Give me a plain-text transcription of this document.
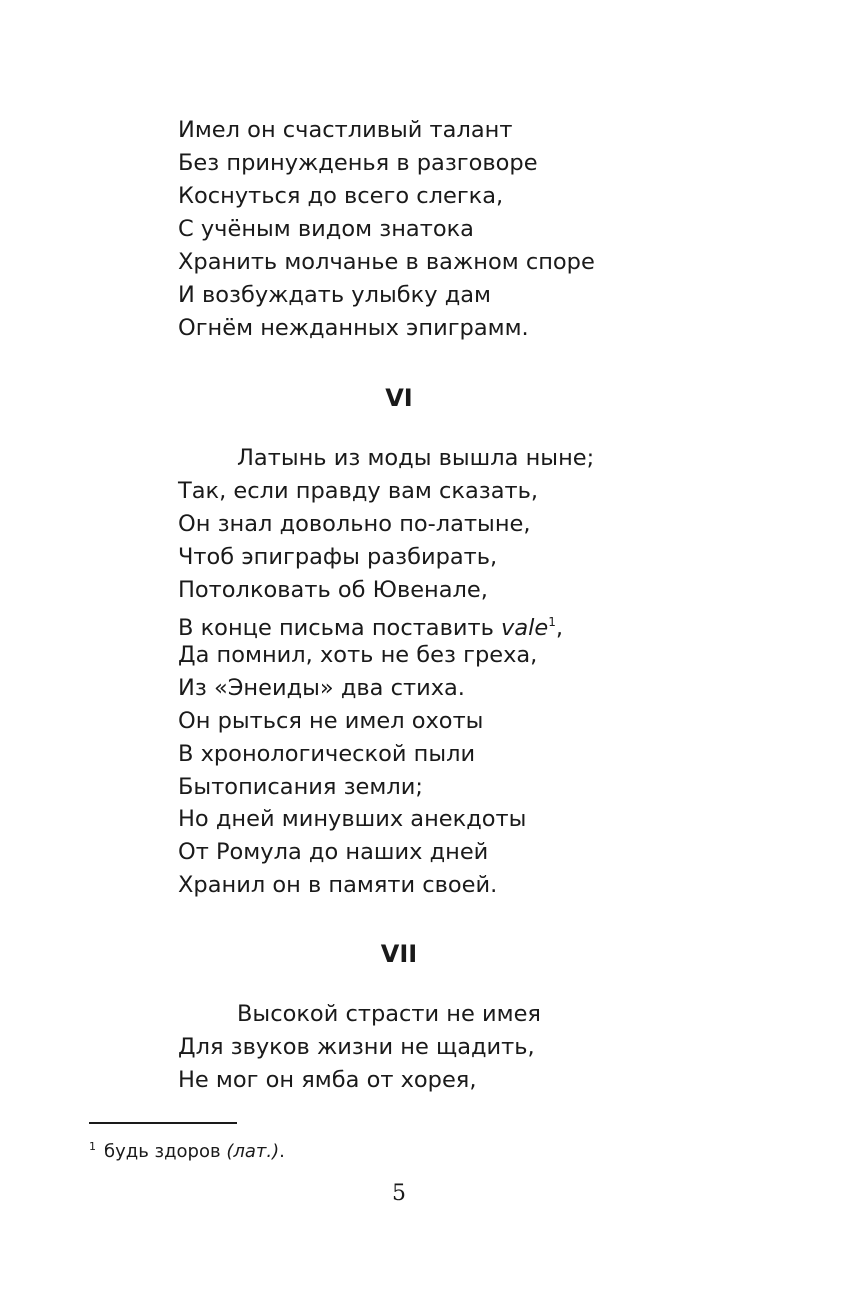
Имел он счастливый талант
Без принужденья в разговоре
Коснуться до всего слегка,
С учёным видом знатока
Хранить молчанье в важном споре
И возбуждать улыбку дам
Огнём нежданных эпиграмм.
VI
Латынь из моды вышла ныне;
Так, если правду вам сказать,
Он знал довольно по-латыне,
Чтоб эпиграфы разбирать,
Потолковать об Ювенале,
В конце письма поставить vale$^1$,
Да помнил, хоть не без греха,
Из «Энеиды» два стиха.
Он рыться не имел охоты
В хронологической пыли
Бытописания земли;
Но дней минувших анекдоты
От Ромула до наших дней
Хранил он в памяти своей.
VII
Высокой страсти не имея
Для звуков жизни не щадить,
Не мог он ямба от хорея,
$^1$ будь здоров (лат.).
5
